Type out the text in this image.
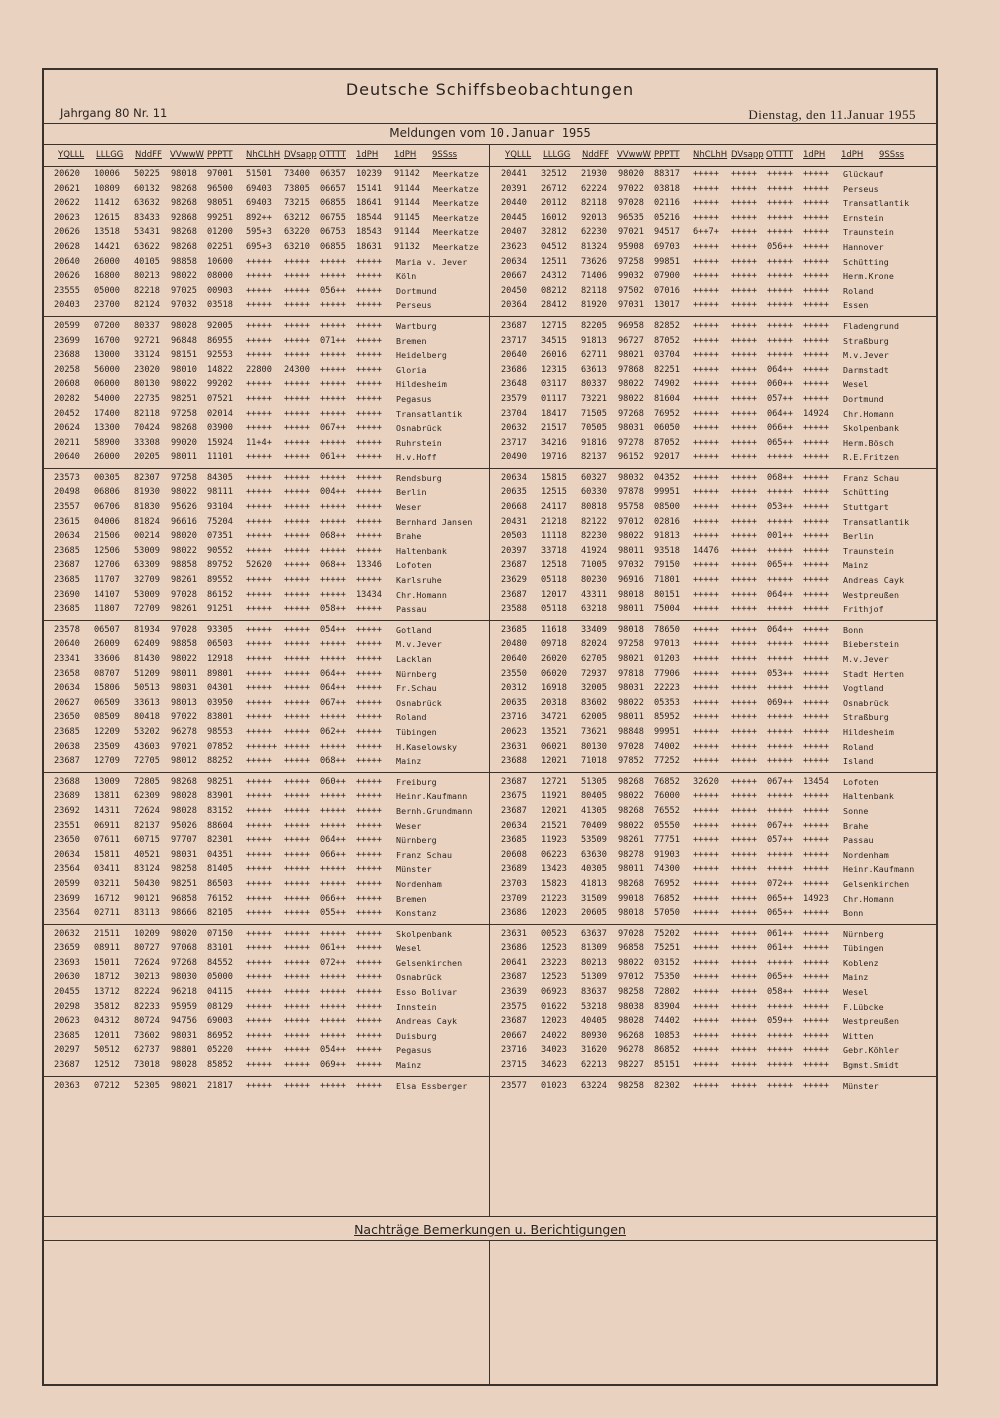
Deutsche Schiffsbeobachtungen
Jahrgang 80 Nr. 11	Dienstag, den 11.Januar 1955
Meldungen vom 10.Januar 1955
YQLLL LLLGG NddFF VVwwW PPPTT NhCLhH DVsapp OTTTT 1dPH 1dPH 9SSss	YQLLL LLLGG NddFF VVwwW PPPTT NhCLhH DVsapp OTTTT 1dPH 1dPH 9SSss
20620 10006 50225 98018 97001 51501 73400 06357 10239 91142 Meerkatze
20621 10809 60132 98268 96500 69403 73805 06657 15141 91144 Meerkatze
20622 11412 63632 98268 98051 69403 73215 06855 18641 91144 Meerkatze
20623 12615 83433 92868 99251 892++ 63212 06755 18544 91145 Meerkatze
20626 13518 53431 98268 01200 595+3 63220 06753 18543 91144 Meerkatze
20628 14421 63622 98268 02251 695+3 63210 06855 18631 91132 Meerkatze
20640 26000 40105 98858 10600 +++++ +++++ +++++ +++++ Maria v. Jever
20626 16800 80213 98022 08000 +++++ +++++ +++++ +++++ Köln
23555 05000 82218 97025 00903 +++++ +++++ 056++ +++++ Dortmund
20403 23700 82124 97032 03518 +++++ +++++ +++++ +++++ Perseus
20599 07200 80337 98028 92005 +++++ +++++ +++++ +++++ Wartburg
23699 16700 92721 96848 86955 +++++ +++++ 071++ +++++ Bremen
23688 13000 33124 98151 92553 +++++ +++++ +++++ +++++ Heidelberg
20258 56000 23020 98010 14822 22800 24300 +++++ +++++ Gloria
20608 06000 80130 98022 99202 +++++ +++++ +++++ +++++ Hildesheim
20282 54000 22735 98251 07521 +++++ +++++ +++++ +++++ Pegasus
20452 17400 82118 97258 02014 +++++ +++++ +++++ +++++ Transatlantik
20624 13300 70424 98268 03900 +++++ +++++ 067++ +++++ Osnabrück
20211 58900 33308 99020 15924 11+4+ +++++ +++++ +++++ Ruhrstein
20640 26000 20205 98011 11101 +++++ +++++ 061++ +++++ H.v.Hoff
23573 00305 82307 97258 84305 +++++ +++++ +++++ +++++ Rendsburg
20498 06806 81930 98022 98111 +++++ +++++ 004++ +++++ Berlin
23557 06706 81830 95626 93104 +++++ +++++ +++++ +++++ Weser
23615 04006 81824 96616 75204 +++++ +++++ +++++ +++++ Bernhard Jansen
20634 21506 00214 98020 07351 +++++ +++++ 068++ +++++ Brahe
23685 12506 53009 98022 90552 +++++ +++++ +++++ +++++ Haltenbank
23687 12706 63309 98858 89752 52620 +++++ 068++ 13346 Lofoten
23685 11707 32709 98261 89552 +++++ +++++ +++++ +++++ Karlsruhe
23690 14107 53009 97028 86152 +++++ +++++ +++++ 13434 Chr.Homann
23685 11807 72709 98261 91251 +++++ +++++ 058++ +++++ Passau
23578 06507 81934 97028 93305 +++++ +++++ 054++ +++++ Gotland
20640 26009 62409 98858 06503 +++++ +++++ +++++ +++++ M.v.Jever
23341 33606 81430 98022 12918 +++++ +++++ +++++ +++++ Lacklan
23658 08707 51209 98011 89801 +++++ +++++ 064++ +++++ Nürnberg
20634 15806 50513 98031 04301 +++++ +++++ 064++ +++++ Fr.Schau
20627 06509 33613 98013 03950 +++++ +++++ 067++ +++++ Osnabrück
23650 08509 80418 97022 83801 +++++ +++++ +++++ +++++ Roland
23685 12209 53202 96278 98553 +++++ +++++ 062++ +++++ Tübingen
20638 23509 43603 97021 07852 ++++++ +++++ +++++ +++++ H.Kaselowsky
23687 12709 72705 98012 88252 +++++ +++++ 068++ +++++ Mainz
23688 13009 72805 98268 98251 +++++ +++++ 060++ +++++ Freiburg
23689 13811 62309 98028 83901 +++++ +++++ +++++ +++++ Heinr.Kaufmann
23692 14311 72624 98028 83152 +++++ +++++ +++++ +++++ Bernh.Grundmann
23551 06911 82137 95026 88604 +++++ +++++ +++++ +++++ Weser
23650 07611 60715 97707 82301 +++++ +++++ 064++ +++++ Nürnberg
20634 15811 40521 98031 04351 +++++ +++++ 066++ +++++ Franz Schau
23564 03411 83124 98258 81405 +++++ +++++ +++++ +++++ Münster
20599 03211 50430 98251 86503 +++++ +++++ +++++ +++++ Nordenham
23699 16712 90121 96858 76152 +++++ +++++ 066++ +++++ Bremen
23564 02711 83113 98666 82105 +++++ +++++ 055++ +++++ Konstanz
20632 21511 10209 98020 07150 +++++ +++++ +++++ +++++ Skolpenbank
23659 08911 80727 97068 83101 +++++ +++++ 061++ +++++ Wesel
23693 15011 72624 97268 84552 +++++ +++++ 072++ +++++ Gelsenkirchen
20630 18712 30213 98030 05000 +++++ +++++ +++++ +++++ Osnabrück
20455 13712 82224 96218 04115 +++++ +++++ +++++ +++++ Esso Bolivar
20298 35812 82233 95959 08129 +++++ +++++ +++++ +++++ Innstein
20623 04312 80724 94756 69003 +++++ +++++ +++++ +++++ Andreas Cayk
23685 12011 73602 98031 86952 +++++ +++++ +++++ +++++ Duisburg
20297 50512 62737 98801 05220 +++++ +++++ 054++ +++++ Pegasus
23687 12512 73018 98028 85852 +++++ +++++ 069++ +++++ Mainz
20363 07212 52305 98021 21817 +++++ +++++ +++++ +++++ Elsa Essberger
20441 32512 21930 98020 88317 +++++ +++++ +++++ +++++ Glückauf
20391 26712 62224 97022 03818 +++++ +++++ +++++ +++++ Perseus
20440 20112 82118 97028 02116 +++++ +++++ +++++ +++++ Transatlantik
20445 16012 92013 96535 05216 +++++ +++++ +++++ +++++ Ernstein
20407 32812 62230 97021 94517 6++7+ +++++ +++++ +++++ Traunstein
23623 04512 81324 95908 69703 +++++ +++++ 056++ +++++ Hannover
20634 12511 73626 97258 99851 +++++ +++++ +++++ +++++ Schütting
20667 24312 71406 99032 07900 +++++ +++++ +++++ +++++ Herm.Krone
20450 08212 82118 97502 07016 +++++ +++++ +++++ +++++ Roland
20364 28412 81920 97031 13017 +++++ +++++ +++++ +++++ Essen
23687 12715 82205 96958 82852 +++++ +++++ +++++ +++++ Fladengrund
23717 34515 91813 96727 87052 +++++ +++++ +++++ +++++ Straßburg
20640 26016 62711 98021 03704 +++++ +++++ +++++ +++++ M.v.Jever
23686 12315 63613 97868 82251 +++++ +++++ 064++ +++++ Darmstadt
23648 03117 80337 98022 74902 +++++ +++++ 060++ +++++ Wesel
23579 01117 73221 98022 81604 +++++ +++++ 057++ +++++ Dortmund
23704 18417 71505 97268 76952 +++++ +++++ 064++ 14924 Chr.Homann
20632 21517 70505 98031 06050 +++++ +++++ 066++ +++++ Skolpenbank
23717 34216 91816 97278 87052 +++++ +++++ 065++ +++++ Herm.Bösch
20490 19716 82137 96152 92017 +++++ +++++ +++++ +++++ R.E.Fritzen
20634 15815 60327 98032 04352 +++++ +++++ 068++ +++++ Franz Schau
20635 12515 60330 97878 99951 +++++ +++++ +++++ +++++ Schütting
20668 24117 80818 95758 08500 +++++ +++++ 053++ +++++ Stuttgart
20431 21218 82122 97012 02816 +++++ +++++ +++++ +++++ Transatlantik
20503 11118 82230 98022 91813 +++++ +++++ 001++ +++++ Berlin
20397 33718 41924 98011 93518 14476 +++++ +++++ +++++ Traunstein
23687 12518 71005 97032 79150 +++++ +++++ 065++ +++++ Mainz
23629 05118 80230 96916 71801 +++++ +++++ +++++ +++++ Andreas Cayk
23687 12017 43311 98018 80151 +++++ +++++ 064++ +++++ Westpreußen
23588 05118 63218 98011 75004 +++++ +++++ +++++ +++++ Frithjof
23685 11618 33409 98018 78650 +++++ +++++ 064++ +++++ Bonn
20480 09718 82024 97258 97013 +++++ +++++ +++++ +++++ Bieberstein
20640 26020 62705 98021 01203 +++++ +++++ +++++ +++++ M.v.Jever
23550 06020 72937 97818 77906 +++++ +++++ 053++ +++++ Stadt Herten
20312 16918 32005 98031 22223 +++++ +++++ +++++ +++++ Vogtland
20635 20318 83602 98022 05353 +++++ +++++ 069++ +++++ Osnabrück
23716 34721 62005 98011 85952 +++++ +++++ +++++ +++++ Straßburg
20623 13521 73621 98848 99951 +++++ +++++ +++++ +++++ Hildesheim
23631 06021 80130 97028 74002 +++++ +++++ +++++ +++++ Roland
23688 12021 71018 97852 77252 +++++ +++++ +++++ +++++ Island
23687 12721 51305 98268 76852 32620 +++++ 067++ 13454 Lofoten
23675 11921 80405 98022 76000 +++++ +++++ +++++ +++++ Haltenbank
23687 12021 41305 98268 76552 +++++ +++++ +++++ +++++ Sonne
20634 21521 70409 98022 05550 +++++ +++++ 067++ +++++ Brahe
23685 11923 53509 98261 77751 +++++ +++++ 057++ +++++ Passau
20608 06223 63630 98278 91903 +++++ +++++ +++++ +++++ Nordenham
23689 13423 40305 98011 74300 +++++ +++++ +++++ +++++ Heinr.Kaufmann
23703 15823 41813 98268 76952 +++++ +++++ 072++ +++++ Gelsenkirchen
23709 21223 31509 99018 76852 +++++ +++++ 065++ 14923 Chr.Homann
23686 12023 20605 98018 57050 +++++ +++++ 065++ +++++ Bonn
23631 00523 63637 97028 75202 +++++ +++++ 061++ +++++ Nürnberg
23686 12523 81309 96858 75251 +++++ +++++ 061++ +++++ Tübingen
20641 23223 80213 98022 03152 +++++ +++++ +++++ +++++ Koblenz
23687 12523 51309 97012 75350 +++++ +++++ 065++ +++++ Mainz
23639 06923 83637 98258 72802 +++++ +++++ 058++ +++++ Wesel
23575 01622 53218 98038 83904 +++++ +++++ +++++ +++++ F.Lübcke
23687 12023 40405 98028 74402 +++++ +++++ 059++ +++++ Westpreußen
20667 24022 80930 96268 10853 +++++ +++++ +++++ +++++ Witten
23716 34023 31620 96278 86852 +++++ +++++ +++++ +++++ Gebr.Köhler
23715 34623 62213 98227 85151 +++++ +++++ +++++ +++++ Bgmst.Smidt
23577 01023 63224 98258 82302 +++++ +++++ +++++ +++++ Münster
Nachträge Bemerkungen u. Berichtigungen
